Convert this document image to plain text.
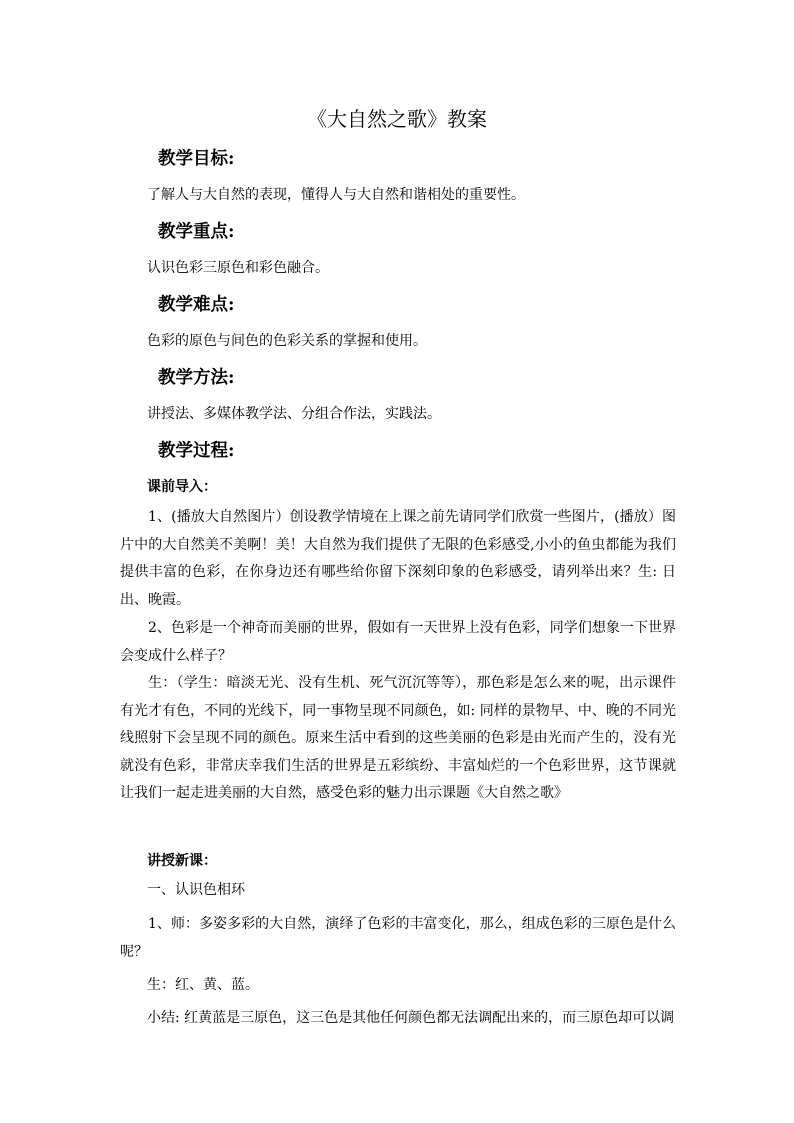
《大自然之歌》教案
教学目标:

了解人与大自然的表现，懂得人与大自然和谐相处的重要性。

教学重点:

认识色彩三原色和彩色融合。

教学难点:

色彩的原色与间色的色彩关系的掌握和使用。

教学方法:

讲授法、多媒体教学法、分组合作法，实践法。

教学过程:
课前导入：

1、(播放大自然图片）创设教学情境在上课之前先请同学们欣赏一些图片，(播放）图片中的大自然美不美啊！美！大自然为我们提供了无限的色彩感受,小小的鱼虫都能为我们提供丰富的色彩，在你身边还有哪些给你留下深刻印象的色彩感受，请列举出来？生: 日出、晚霞。

2、色彩是一个神奇而美丽的世界，假如有一天世界上没有色彩，同学们想象一下世界会变成什么样子？

生：（学生：暗淡无光、没有生机、死气沉沉等等），那色彩是怎么来的呢，出示课件有光才有色，不同的光线下，同一事物呈现不同颜色，如: 同样的景物早、中、晚的不同光线照射下会呈现不同的颜色。原来生活中看到的这些美丽的色彩是由光而产生的，没有光就没有色彩，非常庆幸我们生活的世界是五彩缤纷、丰富灿烂的一个色彩世界，这节课就让我们一起走进美丽的大自然，感受色彩的魅力出示课题《大自然之歌》

讲授新课：

一、认识色相环

1、师：多姿多彩的大自然，演绎了色彩的丰富变化，那么，组成色彩的三原色是什么呢？

生：红、黄、蓝。

小结: 红黄蓝是三原色，这三色是其他任何颜色都无法调配出来的，而三原色却可以调
